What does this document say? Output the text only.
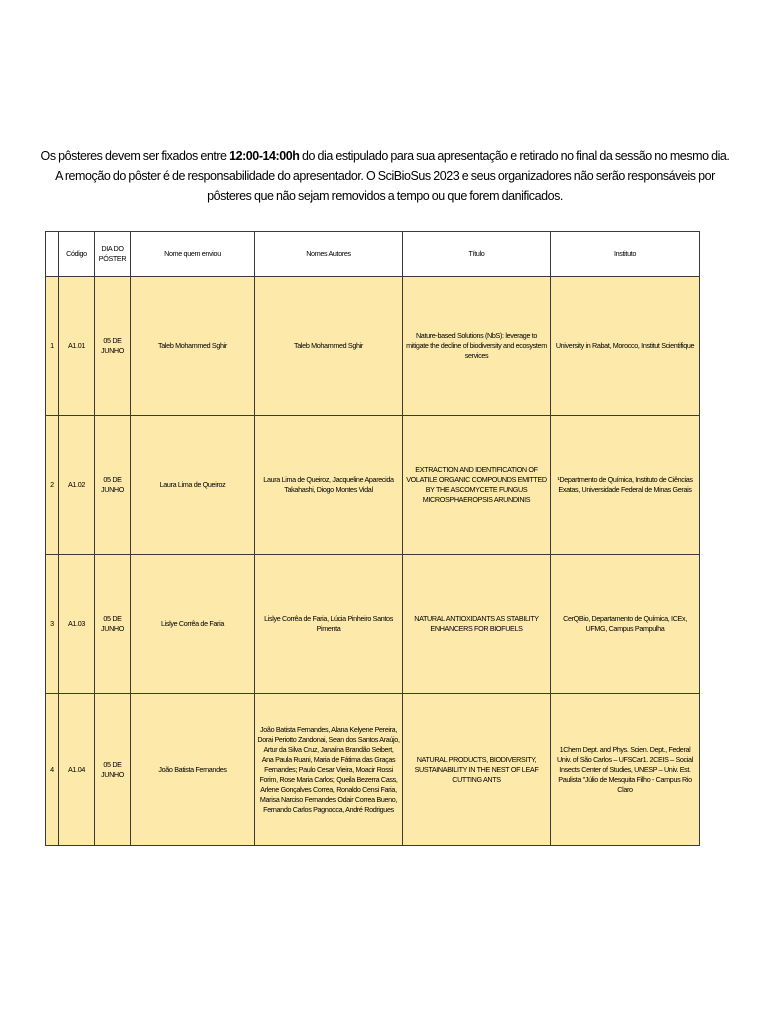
Os pôsteres devem ser fixados entre 12:00-14:00h do dia estipulado para sua apresentação e retirado no final da sessão no mesmo dia. A remoção do pôster é de responsabilidade do apresentador. O SciBioSus 2023 e seus organizadores não serão responsáveis por pôsteres que não sejam removidos a tempo ou que forem danificados.

	Código	DIA DO PÓSTER	Nome quem enviou	Nomes Autores	Título	Instituto
1	A1.01	05 DE JUNHO	Taleb Mohammed Sghir	Taleb Mohammed Sghir	Nature-based Solutions (NbS): leverage to mitigate the decline of biodiversity and ecosystem services	University in Rabat, Morocco, Institut Scientifique
2	A1.02	05 DE JUNHO	Laura Lima de Queiroz	Laura Lima de Queiroz, Jacqueline Aparecida Takahashi, Diogo Montes Vidal	EXTRACTION AND IDENTIFICATION OF VOLATILE ORGANIC COMPOUNDS EMITTED BY THE ASCOMYCETE FUNGUS MICROSPHAEROPSIS ARUNDINIS	¹Departmento de Química, Instituto de Ciências Exatas, Universidade Federal de Minas Gerais
3	A1.03	05 DE JUNHO	Lislye Corrêa de Faria	Lislye Corrêa de Faria, Lúcia Pinheiro Santos Pimenta	NATURAL ANTIOXIDANTS AS STABILITY ENHANCERS FOR BIOFUELS	CerQBio, Departamento de Química, ICEx, UFMG, Campus Pampulha
4	A1.04	05 DE JUNHO	João Batista Fernandes	João Batista Fernandes, Alana Kelyene Pereira, Dorai Periotto Zandonai, Sean dos Santos Araújo, Artur da Silva Cruz, Janaína Brandão Seibert, Ana Paula Ruani, Maria de Fátima das Graças Fernandes; Paulo Cesar Vieira, Moacir Rossi Forim, Rose Maria Carlos; Queila Bezerra Cass, Arlene Gonçalves Correa, Ronaldo Censi Faria, Marisa Narciso Fernandes Odair Correa Bueno, Fernando Carlos Pagnocca, André Rodrigues	NATURAL PRODUCTS, BIODIVERSITY, SUSTAINABILITY IN THE NEST OF LEAF CUTTING ANTS	1Chem Dept. and Phys. Scien. Dept., Federal Univ. of São Carlos – UFSCar1. 2CEIS – Social Insects Center of Studies, UNESP – Univ. Est. Paulista "Júlio de Mesquita Filho - Campus Rio Claro
